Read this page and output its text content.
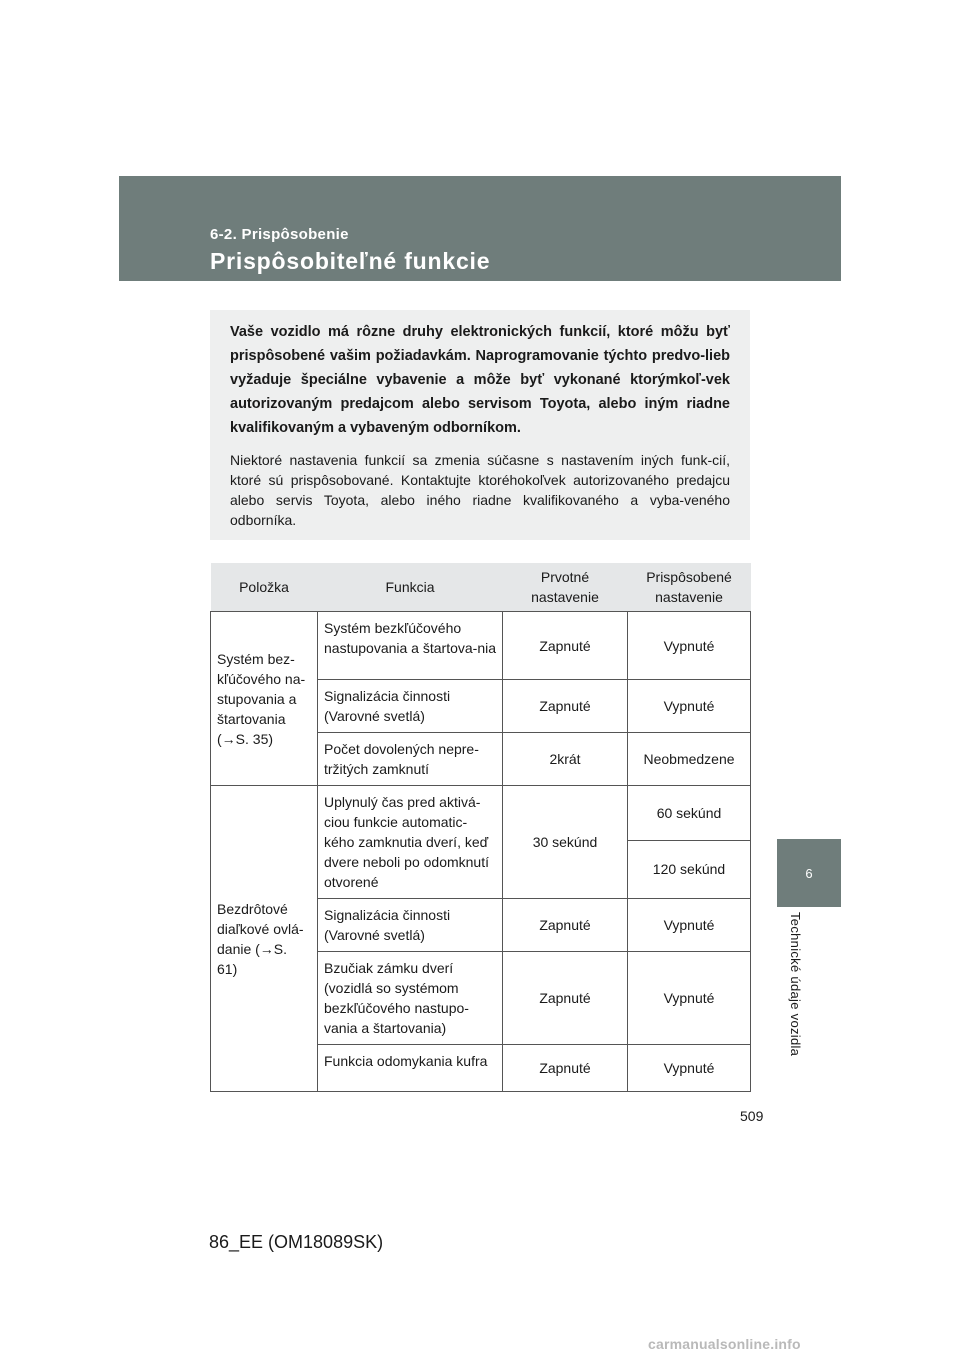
6-2. Prispôsobenie
Prispôsobiteľné funkcie
6
Technické údaje vozidla

Vaše vozidlo má rôzne druhy elektronických funkcií, ktoré môžu byť prispôsobené vašim požiadavkám. Naprogramovanie týchto predvo-lieb vyžaduje špeciálne vybavenie a môže byť vykonané ktorýmkoľ-vek autorizovaným predajcom alebo servisom Toyota, alebo iným riadne kvalifikovaným a vybaveným odborníkom.

Niektoré nastavenia funkcií sa zmenia súčasne s nastavením iných funk-cií, ktoré sú prispôsobované. Kontaktujte ktoréhokoľvek autorizovaného predajcu alebo servis Toyota, alebo iného riadne kvalifikovaného a vyba-veného odborníka.

Položka	Funkcia	Prvotné nastavenie	Prispôsobené nastavenie
Systém bez-kľúčového na-stupovania a štartovania (→S. 35)	Systém bezkľúčového nastupovania a štartova-nia	Zapnuté	Vypnuté
	Signalizácia činnosti (Varovné svetlá)	Zapnuté	Vypnuté
	Počet dovolených nepre-tržitých zamknutí	2krát	Neobmedzene
Bezdrôtové diaľkové ovlá-danie (→S. 61)	Uplynulý čas pred aktivá-ciou funkcie automatic-kého zamknutia dverí, keď dvere neboli po odomknutí otvorené	30 sekúnd	60 sekúnd
			120 sekúnd
	Signalizácia činnosti (Varovné svetlá)	Zapnuté	Vypnuté
	Bzučiak zámku dverí (vozidlá so systémom bezkľúčového nastupo-vania a štartovania)	Zapnuté	Vypnuté
	Funkcia odomykania kufra	Zapnuté	Vypnuté
509
86_EE (OM18089SK)
carmanualsonline.info
